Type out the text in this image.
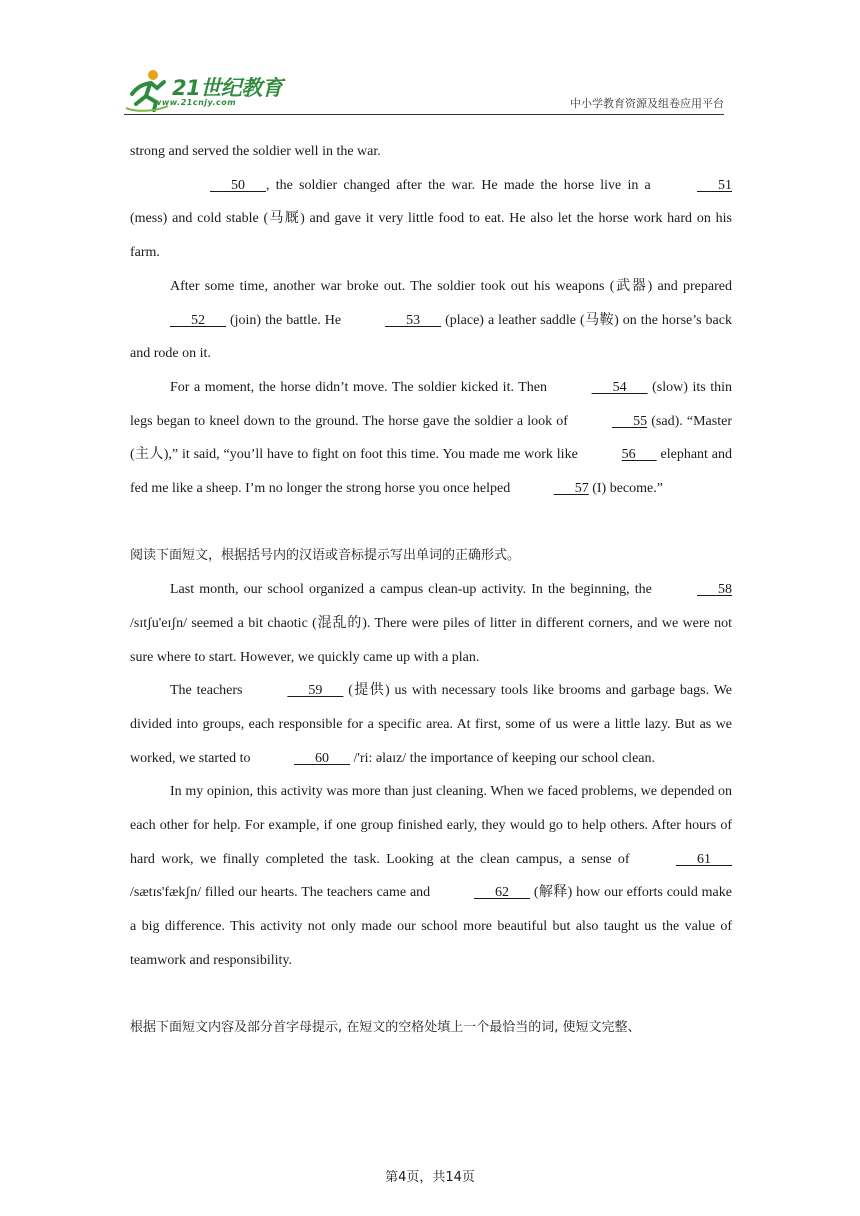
21世纪教育
www.21cnjy.com	中小学教育资源及组卷应用平台

strong and served the soldier well in the war.

50      , the soldier changed after the war. He made the horse live in a	51 (mess) and cold stable (马厩) and gave it very little food to eat. He also let the horse work hard on his farm.

After some time, another war broke out. The soldier took out his weapons (武器) and prepared       52       (join) the battle. He	53       (place) a leather saddle (马鞍) on the horse’s back and rode on it.

For a moment, the horse didn’t move. The soldier kicked it. Then	54       (slow) its thin legs began to kneel down to the ground. The horse gave the soldier a look of	55 (sad). “Master (主人),” it said, “you’ll have to fight on foot this time. You made me work like	56       elephant and fed me like a sheep. I’m no longer the strong horse you once helped	57 (I) become.”

阅读下面短文，根据括号内的汉语或音标提示写出单词的正确形式。

Last month, our school organized a campus clean-up activity. In the beginning, the	58 /sɪtʃu'eɪʃn/ seemed a bit chaotic (混乱的). There were piles of litter in different corners, and we were not sure where to start. However, we quickly came up with a plan.

The teachers	59       (提供) us with necessary tools like brooms and garbage bags. We divided into groups, each responsible for a specific area. At first, some of us were a little lazy. But as we worked, we started to	60       /'ri: əlaɪz/ the importance of keeping our school clean.

In my opinion, this activity was more than just cleaning. When we faced problems, we depended on each other for help. For example, if one group finished early, they would go to help others. After hours of hard work, we finally completed the task. Looking at the clean campus, a sense of	61       /sætɪs'fækʃn/ filled our hearts. The teachers came and	62       (解释) how our efforts could make a big difference. This activity not only made our school more beautiful but also taught us the value of teamwork and responsibility.

根据下面短文内容及部分首字母提示, 在短文的空格处填上一个最恰当的词, 使短文完整、

第4页，共14页
